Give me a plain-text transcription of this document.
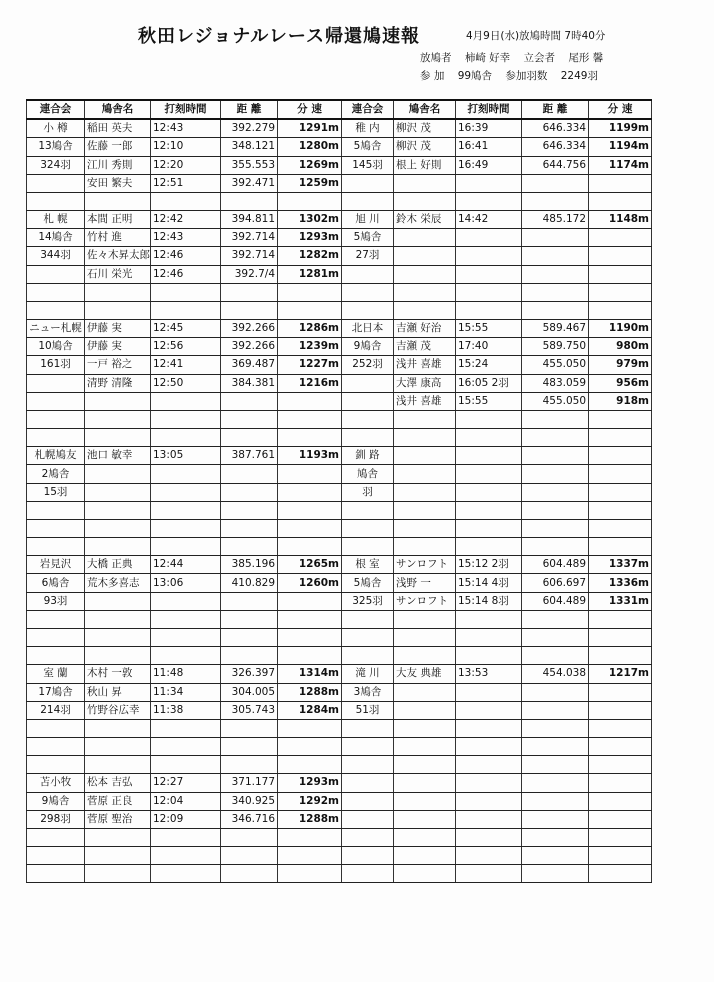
秋田レジョナルレース帰還鳩速報	4月9日(水)放鳩時間 7時40分
放鳩者 柿崎 好幸 立会者 尾形 馨
参 加 99鳩舎 参加羽数 2249羽
連合会	鳩舎名	打刻時間	距 離	分 速	連合会	鳩舎名	打刻時間	距 離	分 速
小 樽	稲田 英夫	12:43	392.279	1291m	稚 内	柳沢 茂	16:39	646.334	1199m
13鳩舎	佐藤 一郎	12:10	348.121	1280m	5鳩舎	柳沢 茂	16:41	646.334	1194m
324羽	江川 秀則	12:20	355.553	1269m	145羽	根上 好則	16:49	644.756	1174m
	安田 繁夫	12:51	392.471	1259m					

札 幌	本間 正明	12:42	394.811	1302m	旭 川	鈴木 栄辰	14:42	485.172	1148m
14鳩舎	竹村 進	12:43	392.714	1293m	5鳩舎				
344羽	佐々木昇太郎	12:46	392.714	1282m	27羽				
	石川 栄光	12:46	392.7/4	1281m					

ニュー札幌	伊藤 実	12:45	392.266	1286m	北日本	吉瀬 好治	15:55	589.467	1190m
10鳩舎	伊藤 実	12:56	392.266	1239m	9鳩舎	吉瀬 茂	17:40	589.750	980m
161羽	一戸 裕之	12:41	369.487	1227m	252羽	浅井 喜雄	15:24	455.050	979m
	清野 清隆	12:50	384.381	1216m		大澤 康高	16:05 2羽	483.059	956m
						浅井 喜雄	15:55	455.050	918m

札幌鳩友	池口 敏幸	13:05	387.761	1193m	釧 路				
2鳩舎					鳩舎				
15羽					羽				

岩見沢	大橋 正典	12:44	385.196	1265m	根 室	サンロフト	15:12 2羽	604.489	1337m
6鳩舎	荒木多喜志	13:06	410.829	1260m	5鳩舎	浅野 一	15:14 4羽	606.697	1336m
93羽					325羽	サンロフト	15:14 8羽	604.489	1331m

室 蘭	木村 一敦	11:48	326.397	1314m	滝 川	大友 典雄	13:53	454.038	1217m
17鳩舎	秋山 昇	11:34	304.005	1288m	3鳩舎				
214羽	竹野谷広幸	11:38	305.743	1284m	51羽				

苫小牧	松本 吉弘	12:27	371.177	1293m					
9鳩舎	菅原 正良	12:04	340.925	1292m					
298羽	菅原 聖治	12:09	346.716	1288m					
